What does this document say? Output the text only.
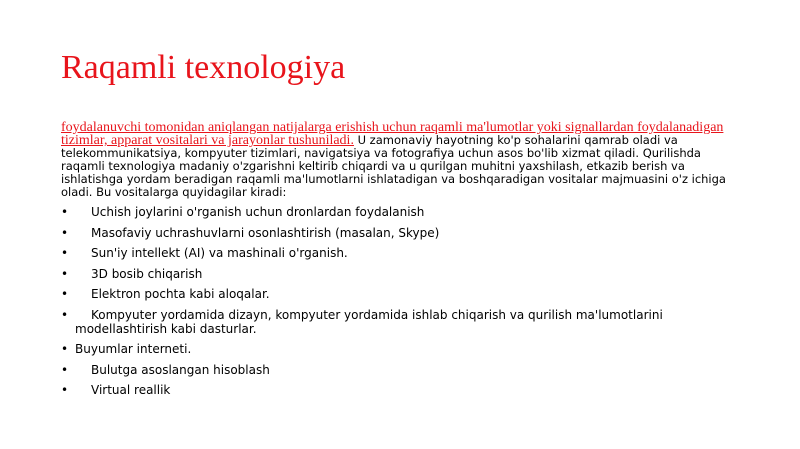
Raqamli texnologiya

foydalanuvchi tomonidan aniqlangan natijalarga erishish uchun raqamli ma'lumotlar yoki signallardan foydalanadigan tizimlar, apparat vositalari va jarayonlar tushuniladi. U zamonaviy hayotning ko'p sohalarini qamrab oladi va telekommunikatsiya, kompyuter tizimlari, navigatsiya va fotografiya uchun asos bo'lib xizmat qiladi. Qurilishda raqamli texnologiya madaniy o'zgarishni keltirib chiqardi va u qurilgan muhitni yaxshilash, etkazib berish va ishlatishga yordam beradigan raqamli ma'lumotlarni ishlatadigan va boshqaradigan vositalar majmuasini o'z ichiga oladi. Bu vositalarga quyidagilar kiradi:

• Uchish joylarini o'rganish uchun dronlardan foydalanish
• Masofaviy uchrashuvlarni osonlashtirish (masalan, Skype)
• Sun'iy intellekt (AI) va mashinali o'rganish.
• 3D bosib chiqarish
• Elektron pochta kabi aloqalar.
•	Kompyuter yordamida dizayn, kompyuter yordamida ishlab chiqarish va qurilish ma'lumotlarini modellashtirish kabi dasturlar.
• Buyumlar interneti.
• Bulutga asoslangan hisoblash
• Virtual reallik
